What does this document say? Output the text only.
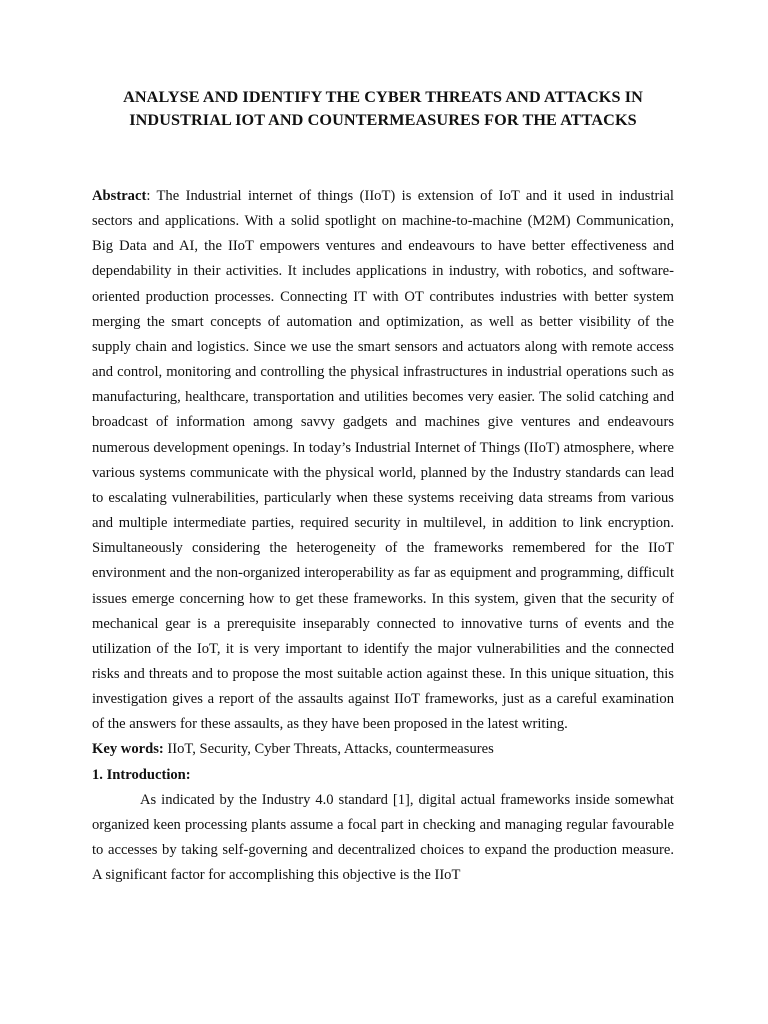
ANALYSE AND IDENTIFY THE CYBER THREATS AND ATTACKS IN
INDUSTRIAL IOT AND COUNTERMEASURES FOR THE ATTACKS

Abstract: The Industrial internet of things (IIoT) is extension of IoT and it used in industrial sectors and applications. With a solid spotlight on machine-to-machine (M2M) Communication, Big Data and AI, the IIoT empowers ventures and endeavours to have better effectiveness and dependability in their activities. It includes applications in industry, with robotics, and software-oriented production processes. Connecting IT with OT contributes industries with better system merging the smart concepts of automation and optimization, as well as better visibility of the supply chain and logistics. Since we use the smart sensors and actuators along with remote access and control, monitoring and controlling the physical infrastructures in industrial operations such as manufacturing, healthcare, transportation and utilities becomes very easier. The solid catching and broadcast of information among savvy gadgets and machines give ventures and endeavours numerous development openings. In today’s Industrial Internet of Things (IIoT) atmosphere, where various systems communicate with the physical world, planned by the Industry standards can lead to escalating vulnerabilities, particularly when these systems receiving data streams from various and multiple intermediate parties, required security in multilevel, in addition to link encryption. Simultaneously considering the heterogeneity of the frameworks remembered for the IIoT environment and the non-organized interoperability as far as equipment and programming, difficult issues emerge concerning how to get these frameworks. In this system, given that the security of mechanical gear is a prerequisite inseparably connected to innovative turns of events and the utilization of the IoT, it is very important to identify the major vulnerabilities and the connected risks and threats and to propose the most suitable action against these. In this unique situation, this investigation gives a report of the assaults against IIoT frameworks, just as a careful examination of the answers for these assaults, as they have been proposed in the latest writing.

Key words: IIoT, Security, Cyber Threats, Attacks, countermeasures

1. Introduction:

As indicated by the Industry 4.0 standard [1], digital actual frameworks inside somewhat organized keen processing plants assume a focal part in checking and managing regular favourable to accesses by taking self-governing and decentralized choices to expand the production measure. A significant factor for accomplishing this objective is the IIoT
